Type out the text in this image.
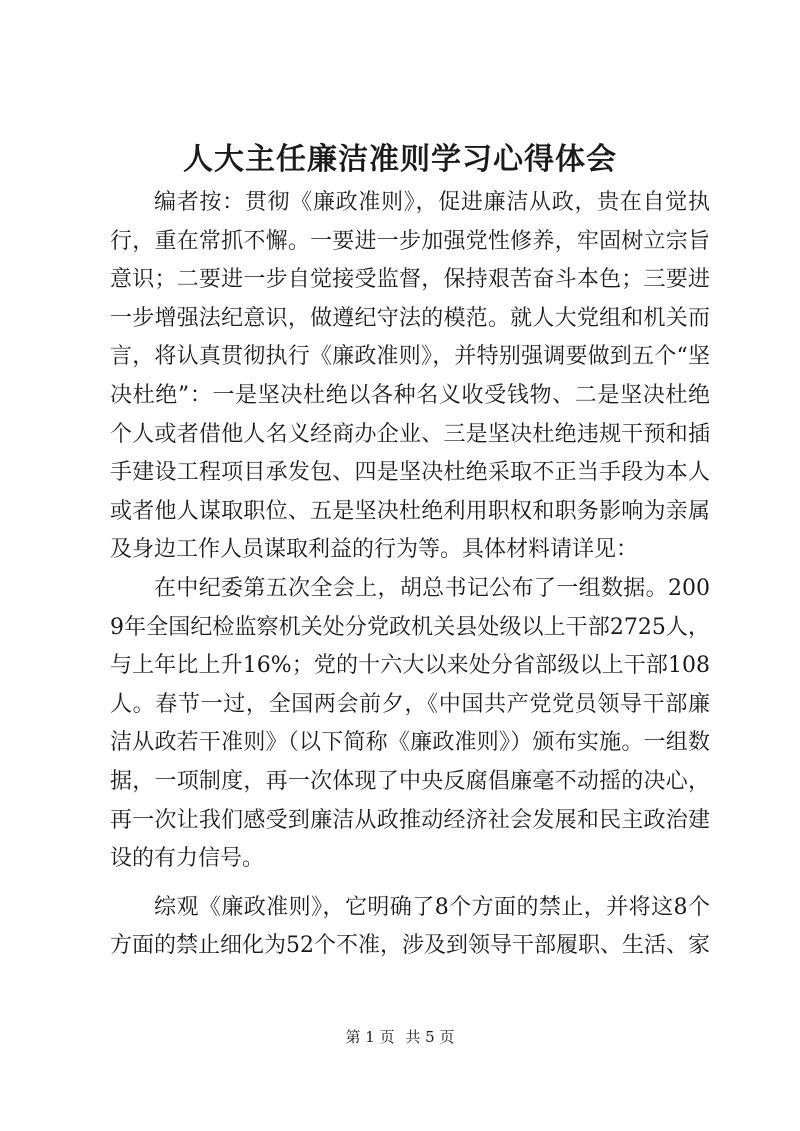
人大主任廉洁准则学习心得体会

编者按：贯彻《廉政准则》，促进廉洁从政，贵在自觉执行，重在常抓不懈。一要进一步加强党性修养，牢固树立宗旨意识；二要进一步自觉接受监督，保持艰苦奋斗本色；三要进一步增强法纪意识，做遵纪守法的模范。就人大党组和机关而言，将认真贯彻执行《廉政准则》，并特别强调要做到五个“坚决杜绝”：一是坚决杜绝以各种名义收受钱物、二是坚决杜绝个人或者借他人名义经商办企业、三是坚决杜绝违规干预和插手建设工程项目承发包、四是坚决杜绝采取不正当手段为本人或者他人谋取职位、五是坚决杜绝利用职权和职务影响为亲属及身边工作人员谋取利益的行为等。具体材料请详见：

在中纪委第五次全会上，胡总书记公布了一组数据。2009年全国纪检监察机关处分党政机关县处级以上干部2725人，与上年比上升16%；党的十六大以来处分省部级以上干部108人。春节一过，全国两会前夕，《中国共产党党员领导干部廉洁从政若干准则》（以下简称《廉政准则》）颁布实施。一组数据，一项制度，再一次体现了中央反腐倡廉毫不动摇的决心，再一次让我们感受到廉洁从政推动经济社会发展和民主政治建设的有力信号。

综观《廉政准则》，它明确了8个方面的禁止，并将这8个方面的禁止细化为52个不准，涉及到领导干部履职、生活、家

第 1 页 共 5 页
